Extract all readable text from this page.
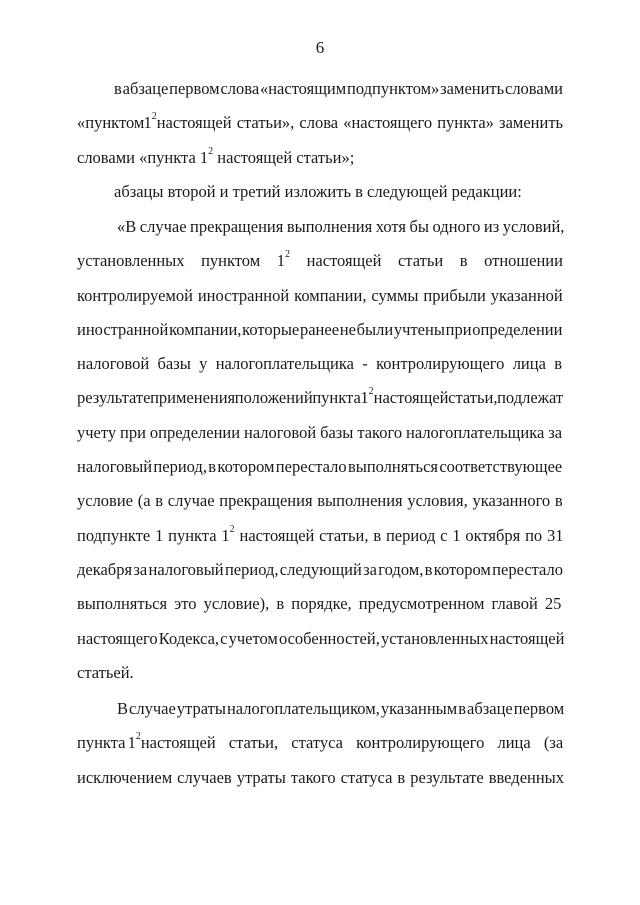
6
в абзаце первом слова «настоящим подпунктом» заменить словами
«пунктом $1^2$ настоящей статьи», слова «настоящего пункта» заменить
словами «пункта $1^2$ настоящей статьи»;
абзацы второй и третий изложить в следующей редакции:
«В случае прекращения выполнения хотя бы одного из условий,
установленных пунктом $1^2$ настоящей статьи в отношении
контролируемой иностранной компании, суммы прибыли указанной
иностранной компании, которые ранее не были учтены при определении
налоговой базы у налогоплательщика - контролирующего лица в
результате применения положений пункта $1^2$ настоящей статьи, подлежат
учету при определении налоговой базы такого налогоплательщика за
налоговый период, в котором перестало выполняться соответствующее
условие (а в случае прекращения выполнения условия, указанного в
подпункте 1 пункта $1^2$ настоящей статьи, в период с 1 октября по 31
декабря за налоговый период, следующий за годом, в котором перестало
выполняться это условие), в порядке, предусмотренном главой 25
настоящего Кодекса, с учетом особенностей, установленных настоящей
статьей.
В случае утраты налогоплательщиком, указанным в абзаце первом
пункта $1^2$ настоящей статьи, статуса контролирующего лица (за
исключением случаев утраты такого статуса в результате введенных
